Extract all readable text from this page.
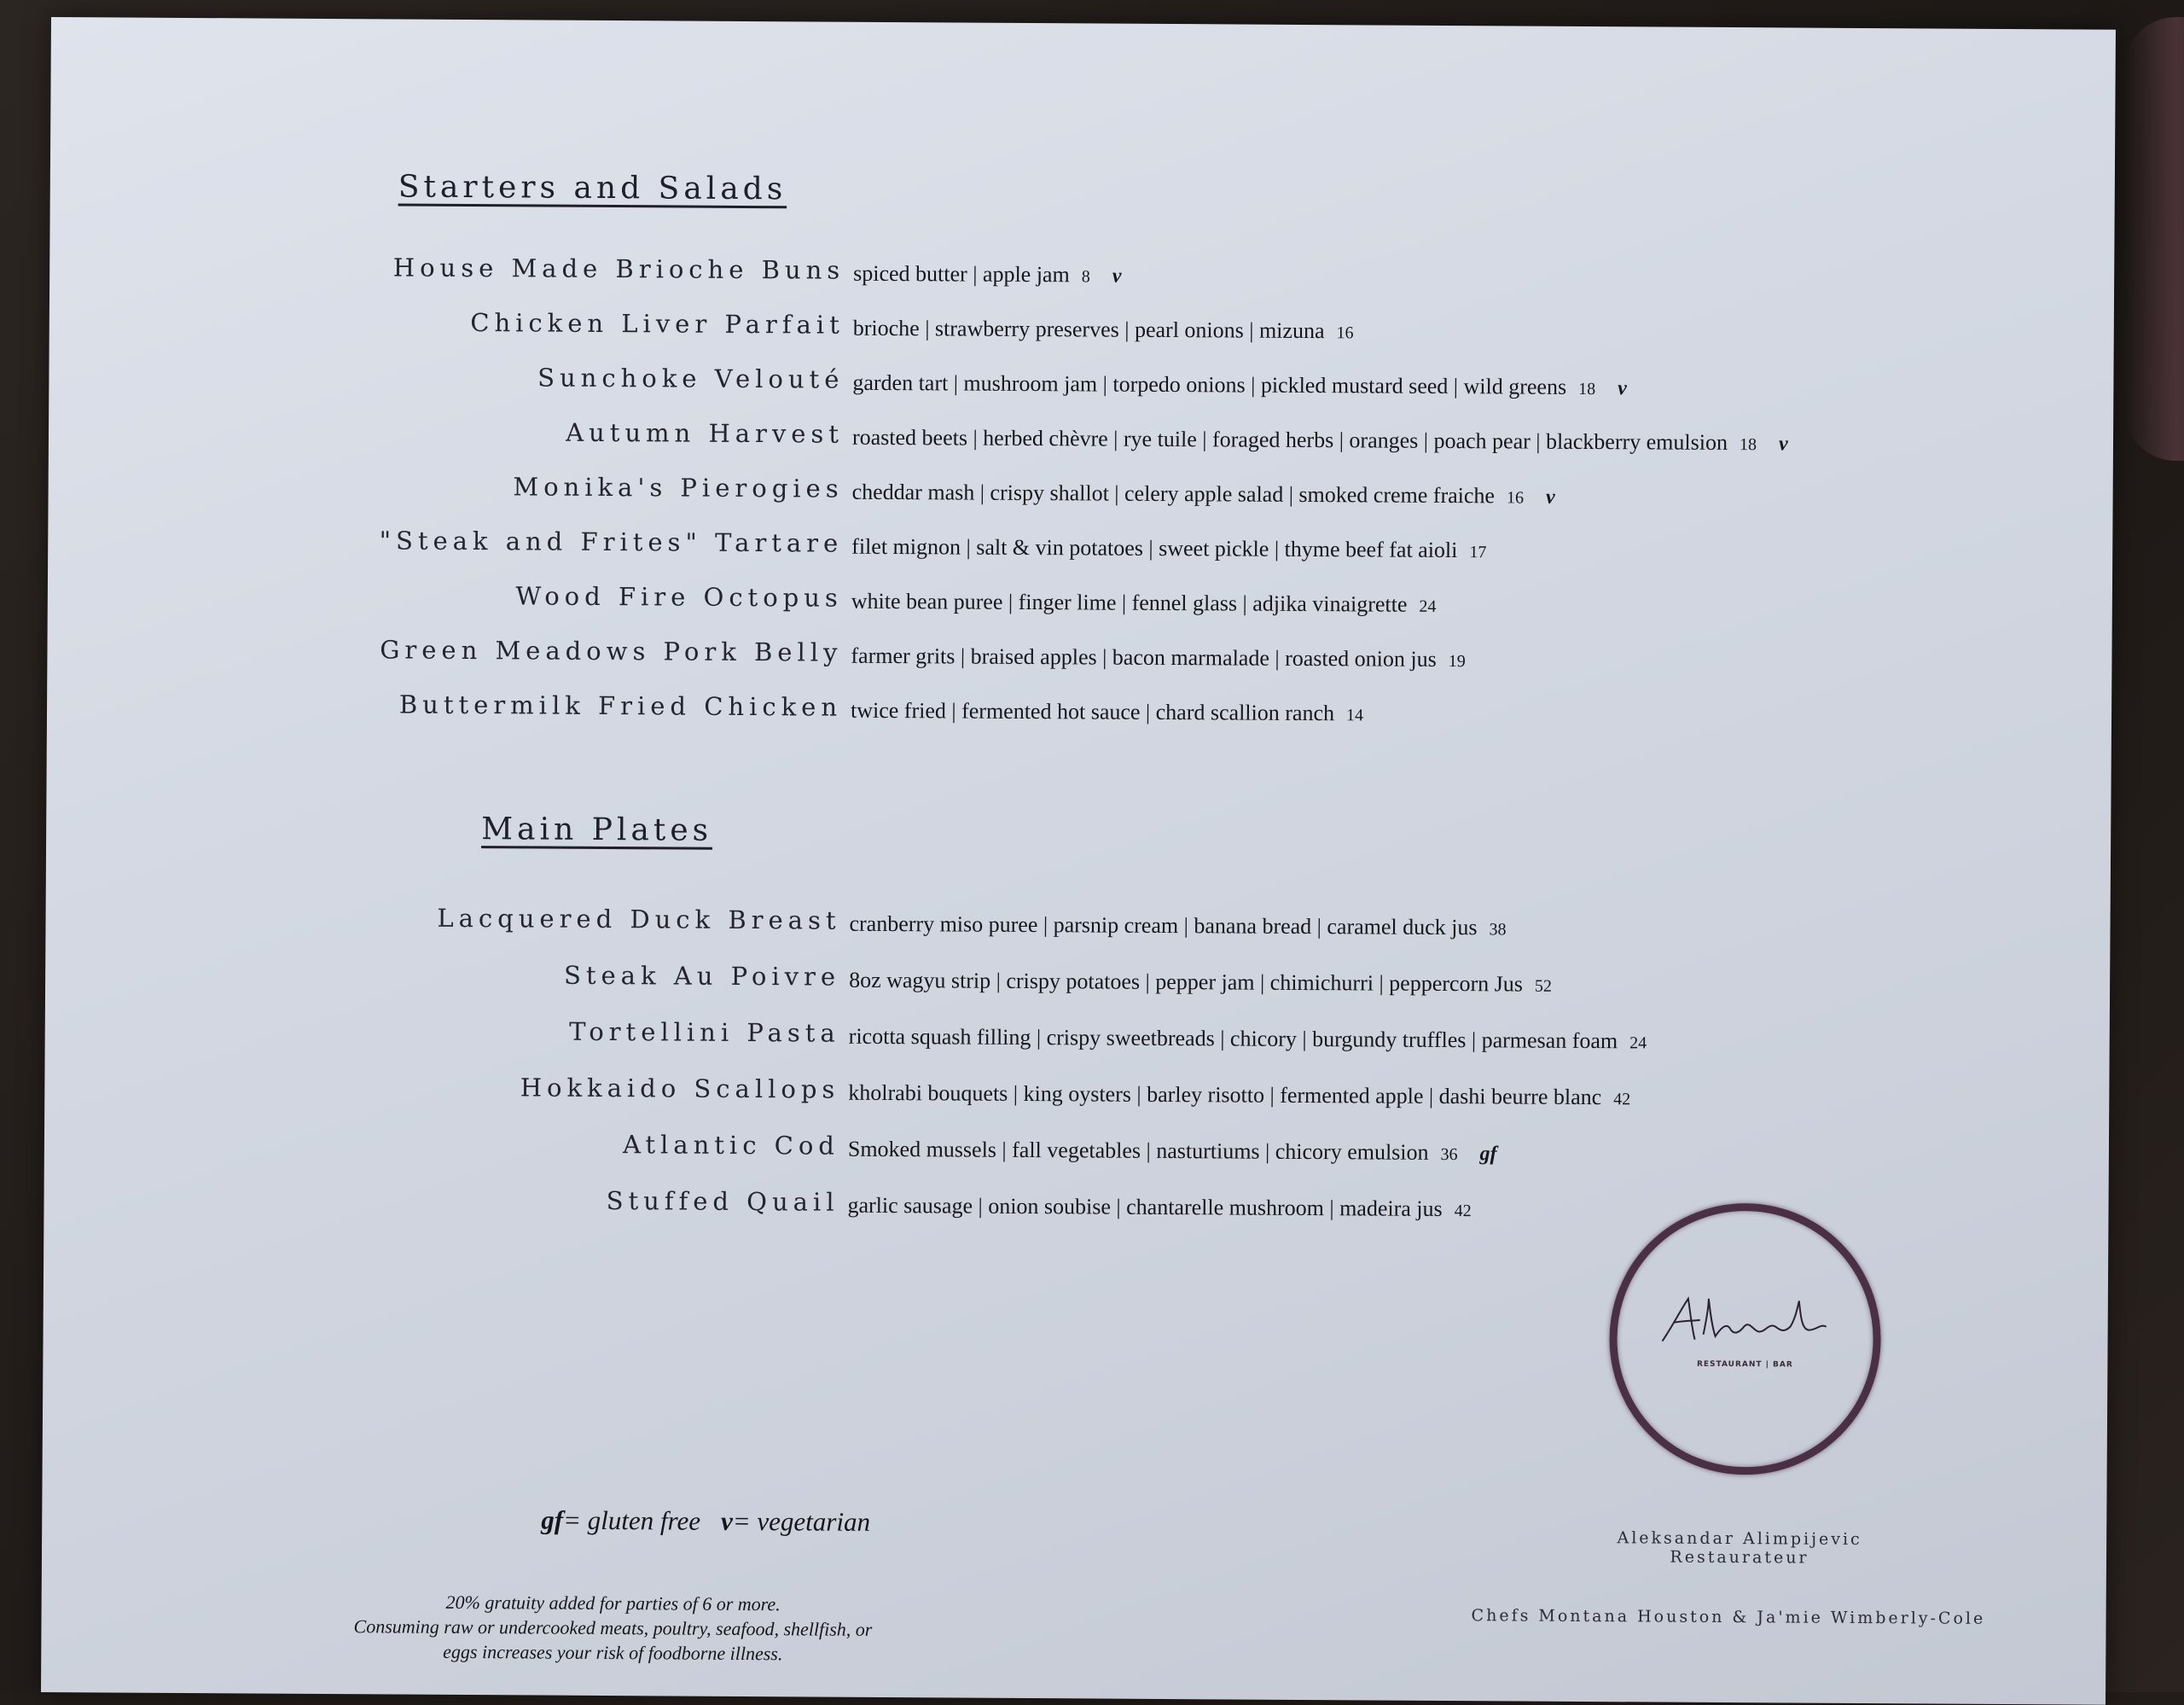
Starters and Salads
House Made Brioche Buns spiced butter | apple jam 8 v
Chicken Liver Parfait brioche | strawberry preserves | pearl onions | mizuna 16
Sunchoke Velouté garden tart | mushroom jam | torpedo onions | pickled mustard seed | wild greens 18 v
Autumn Harvest roasted beets | herbed chèvre | rye tuile | foraged herbs | oranges | poach pear | blackberry emulsion 18 v
Monika's Pierogies cheddar mash | crispy shallot | celery apple salad | smoked creme fraiche 16 v
"Steak and Frites" Tartare filet mignon | salt & vin potatoes | sweet pickle | thyme beef fat aioli 17
Wood Fire Octopus white bean puree | finger lime | fennel glass | adjika vinaigrette 24
Green Meadows Pork Belly farmer grits | braised apples | bacon marmalade | roasted onion jus 19
Buttermilk Fried Chicken twice fried | fermented hot sauce | chard scallion ranch 14
Main Plates
Lacquered Duck Breast cranberry miso puree | parsnip cream | banana bread | caramel duck jus 38
Steak Au Poivre 8oz wagyu strip | crispy potatoes | pepper jam | chimichurri | peppercorn Jus 52
Tortellini Pasta ricotta squash filling | crispy sweetbreads | chicory | burgundy truffles | parmesan foam 24
Hokkaido Scallops kholrabi bouquets | king oysters | barley risotto | fermented apple | dashi beurre blanc 42
Atlantic Cod Smoked mussels | fall vegetables | nasturtiums | chicory emulsion 36 gf
Stuffed Quail garlic sausage | onion soubise | chantarelle mushroom | madeira jus 42
RESTAURANT | BAR

gf= gluten free v= vegetarian

20% gratuity added for parties of 6 or more.
Consuming raw or undercooked meats, poultry, seafood, shellfish, or
eggs increases your risk of foodborne illness.

Aleksandar Alimpijevic
Restaurateur

Chefs Montana Houston & Ja'mie Wimberly-Cole
